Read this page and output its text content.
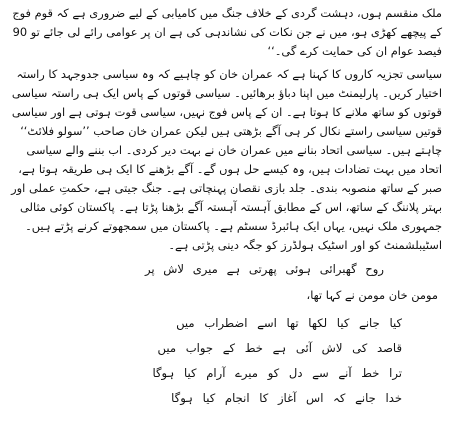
ملک منقسم ہوں، دہشت گردی کے خلاف جنگ میں کامیابی کے لیے ضروری ہے کہ قوم فوج کے پیچھے کھڑی ہو، میں نے جن نکات کی نشاندہی کی ہے ان پر عوامی رائے لی جائے تو 90 فیصد عوام ان کی حمایت کرے گی۔‘‘

سیاسی تجزیہ کاروں کا کہنا ہے کہ عمران خان کو چاہیے کہ وہ سیاسی جدوجہد کا راستہ اختیار کریں۔ پارلیمنٹ میں اپنا دباؤ برھائیں۔ سیاسی قوتوں کے پاس ایک ہی راستہ سیاسی قوتوں کو ساتھ ملانے کا ہوتا ہے۔ ان کے پاس فوج نہیں، سیاسی قوت ہوتی ہے اور سیاسی قوتیں سیاسی راستے نکال کر ہی آگے بڑھتی ہیں لیکن عمران خان صاحب ’’سولو فلائٹ‘‘ چاہتے ہیں۔ سیاسی اتحاد بنانے میں عمران خان نے بہت دیر کردی۔ اب بننے والے سیاسی اتحاد میں بہت تضادات ہیں، وہ کیسے حل ہوں گے۔ آگے بڑھنے کا ایک ہی طریقہ ہوتا ہے، صبر کے ساتھ منصوبہ بندی۔ جلد بازی نقصان پہنچاتی ہے۔ جنگ جیتی ہے، حکمتِ عملی اور بہتر پلاننگ کے ساتھ، اس کے مطابق آہستہ آہستہ آگے بڑھنا پڑتا ہے۔ پاکستان کوئی مثالی جمہوری ملک نہیں، یہاں ایک ہائبرڈ سسٹم ہے۔ پاکستان میں سمجھوتے کرنے پڑتے ہیں۔ اسٹیبلشمنٹ کو اور اسٹیک ہولڈرز کو جگہ دینی پڑتی ہے۔

روح گھبرائی ہوئی پھرتی ہے میری لاش پر
مومن خان مومن نے کہا تھا،
کیا جانے کیا لکھا تھا اسے اضطراب میں
قاصد کی لاش آئی ہے خط کے جواب میں
ترا خط آنے سے دل کو میرے آرام کیا ہوگا
خدا جانے کہ اس آغاز کا انجام کیا ہوگا
